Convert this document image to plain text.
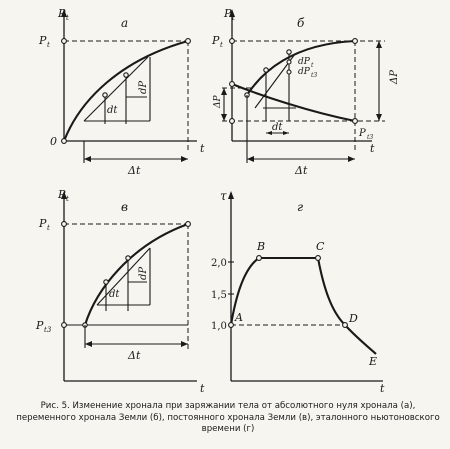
P t	а
P t
0
t
dt
dP
Δt
P t	б
P t
t
dP t
dP t3
ΔP
ΔP
P t3
dt
Δt
P t
в
P t
P t3
t
dt
dP
Δt
τ
г
t
2,0
1,5
1,0
A
B	C
D
E
Рис. 5. Изменение хронала при заряжании тела от абсолютного нуля хронала (а), переменного хронала Земли (б), постоянного хронала Земли (в), эталонного ньютоновского времени (г)
